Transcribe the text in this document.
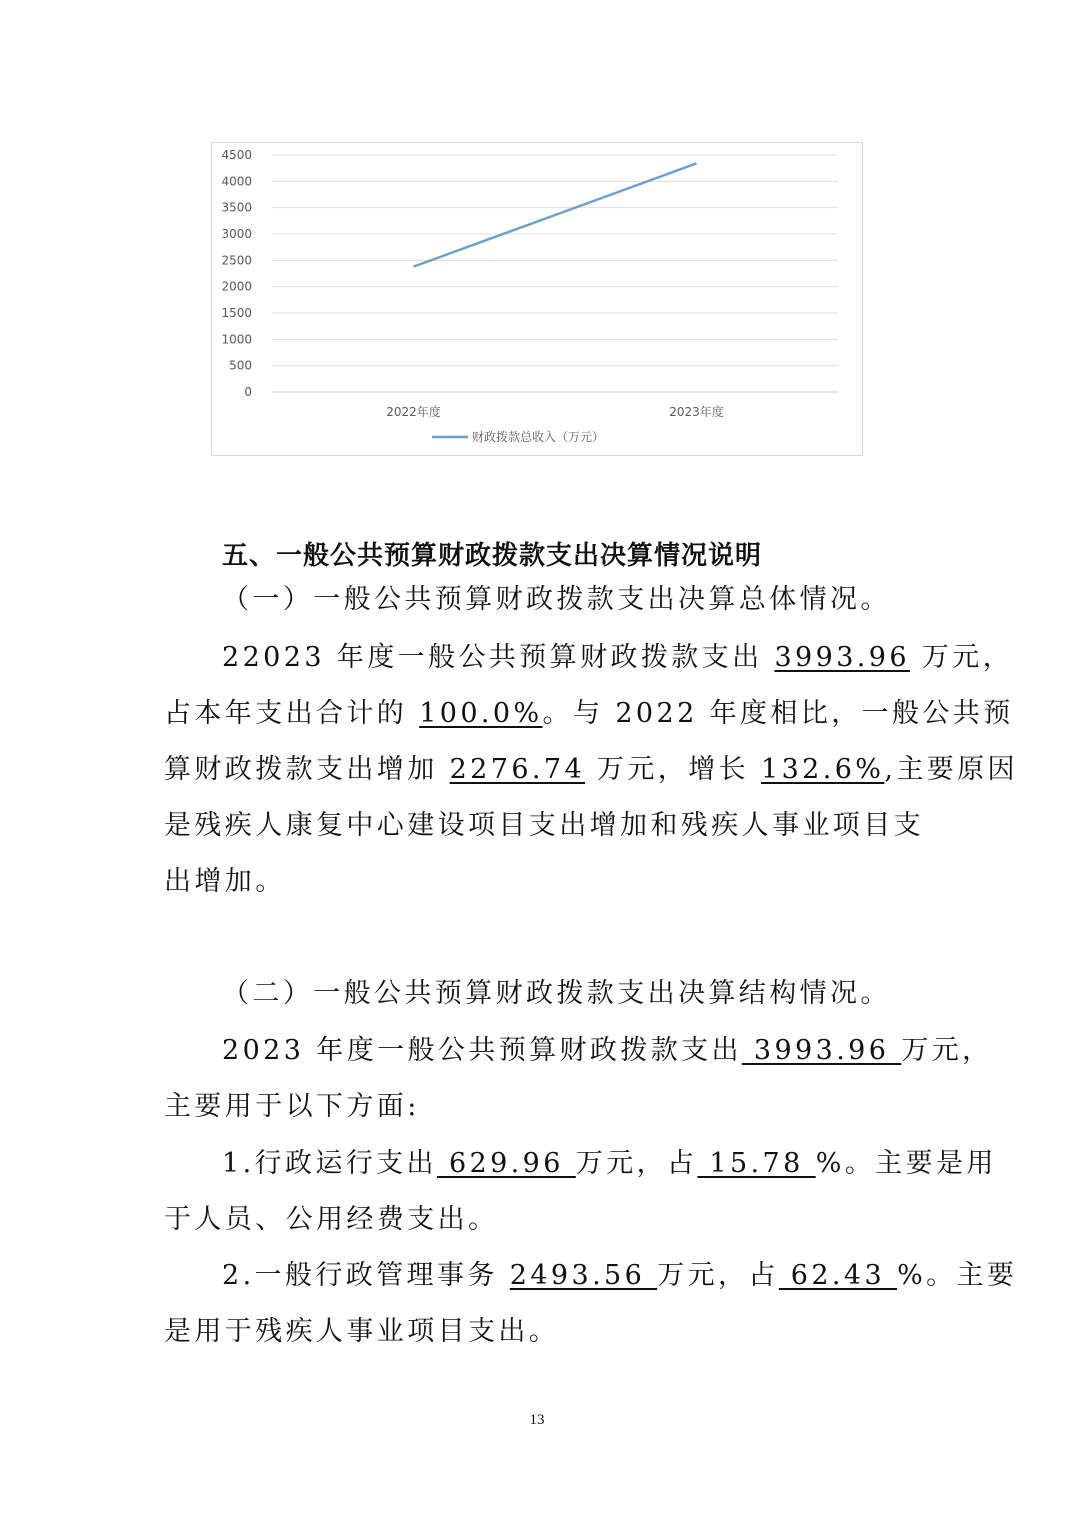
0
500
1000
1500
2000
2500
3000
3500
4000
4500
2022年度	2023年度
财政拨款总收入（万元）
五、一般公共预算财政拨款支出决算情况说明
（一）一般公共预算财政拨款支出决算总体情况。
22023 年度一般公共预算财政拨款支出 3993.96 万元，
占本年支出合计的 100.0%。与 2022 年度相比，一般公共预
算财政拨款支出增加 2276.74 万元，增长 132.6%,主要原因
是残疾人康复中心建设项目支出增加和残疾人事业项目支
出增加。
（二）一般公共预算财政拨款支出决算结构情况。
2023 年度一般公共预算财政拨款支出 3993.96 万元，
主要用于以下方面:
1.行政运行支出 629.96 万元，占 15.78 %。主要是用
于人员、公用经费支出。
2.一般行政管理事务 2493.56 万元，占 62.43 %。主要
是用于残疾人事业项目支出。
13
